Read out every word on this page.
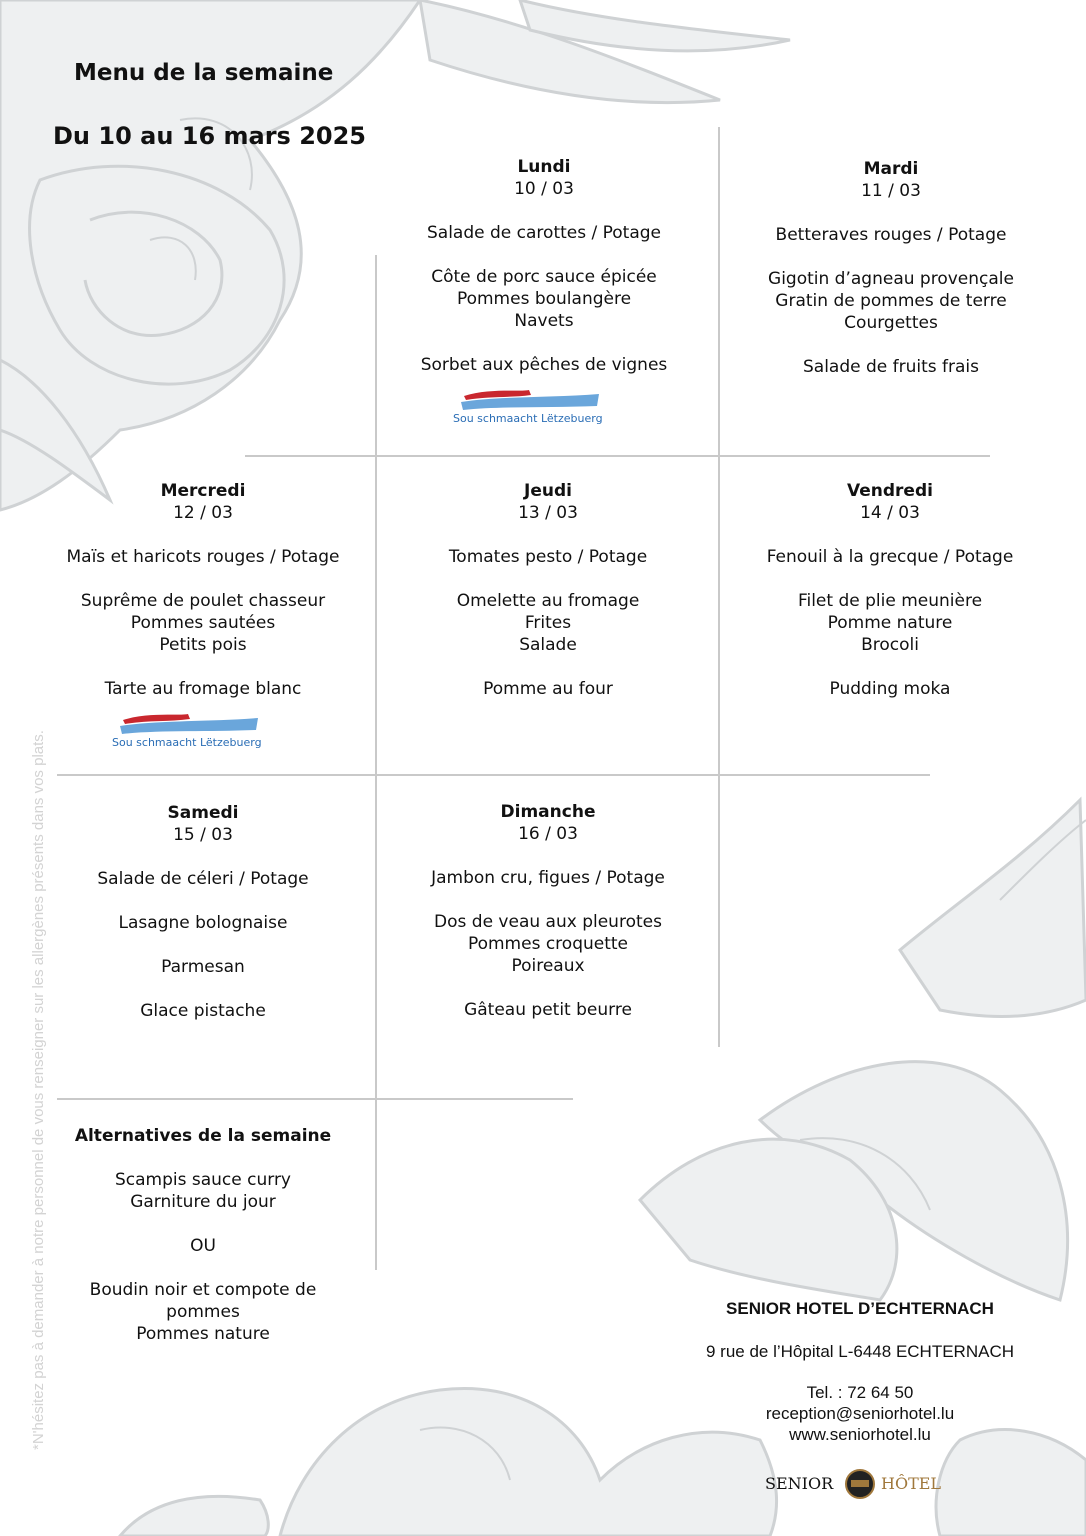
Menu de la semaine
Du 10 au 16 mars 2025
Lundi
10 / 03
Salade de carottes / Potage
Côte de porc sauce épicée
Pommes boulangère
Navets
Sorbet aux pêches de vignes
Sou schmaacht Lëtzebuerg
Mardi
11 / 03
Betteraves rouges / Potage
Gigotin d’agneau provençale
Gratin de pommes de terre
Courgettes
Salade de fruits frais
Mercredi
12 / 03
Maïs et haricots rouges / Potage
Suprême de poulet chasseur
Pommes sautées
Petits pois
Tarte au fromage blanc
Sou schmaacht Lëtzebuerg
Jeudi
13 / 03
Tomates pesto / Potage
Omelette au fromage
Frites
Salade
Pomme au four
Vendredi
14 / 03
Fenouil à la grecque / Potage
Filet de plie meunière
Pomme nature
Brocoli
Pudding moka
Samedi
15 / 03
Salade de céleri / Potage
Lasagne bolognaise
Parmesan
Glace pistache
Dimanche
16 / 03
Jambon cru, figues / Potage
Dos de veau aux pleurotes
Pommes croquette
Poireaux
Gâteau petit beurre
Alternatives de la semaine
Scampis sauce curry
Garniture du jour
OU
Boudin noir et compote de
pommes
Pommes nature
*N'hésitez pas à demander à notre personnel de vous renseigner sur les allergènes présents dans vos plats.	SENIOR HOTEL D’ECHTERNACH
9 rue de l’Hôpital L-6448 ECHTERNACH
Tel. : 72 64 50
reception@seniorhotel.lu
www.seniorhotel.lu
SENIOR	HÔTEL
